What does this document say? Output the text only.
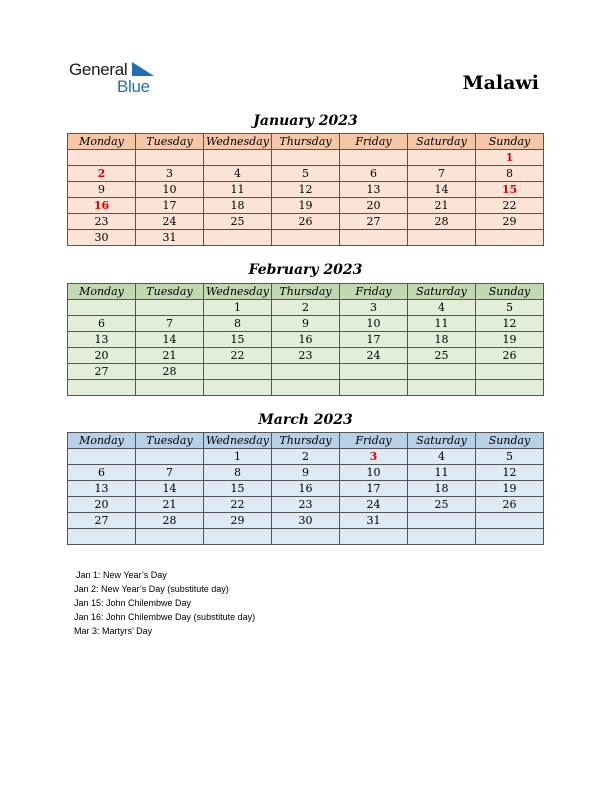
General
Blue	Malawi
January 2023
Monday	Tuesday	Wednesday	Thursday	Friday	Saturday	Sunday
						1
2	3	4	5	6	7	8
9	10	11	12	13	14	15
16	17	18	19	20	21	22
23	24	25	26	27	28	29
30	31					
February 2023
Monday	Tuesday	Wednesday	Thursday	Friday	Saturday	Sunday
		1	2	3	4	5
6	7	8	9	10	11	12
13	14	15	16	17	18	19
20	21	22	23	24	25	26
27	28					

March 2023
Monday	Tuesday	Wednesday	Thursday	Friday	Saturday	Sunday
		1	2	3	4	5
6	7	8	9	10	11	12
13	14	15	16	17	18	19
20	21	22	23	24	25	26
27	28	29	30	31		

Jan 1: New Year’s Day
Jan 2: New Year’s Day (substitute day)
Jan 15: John Chilembwe Day
Jan 16: John Chilembwe Day (substitute day)
Mar 3: Martyrs’ Day
